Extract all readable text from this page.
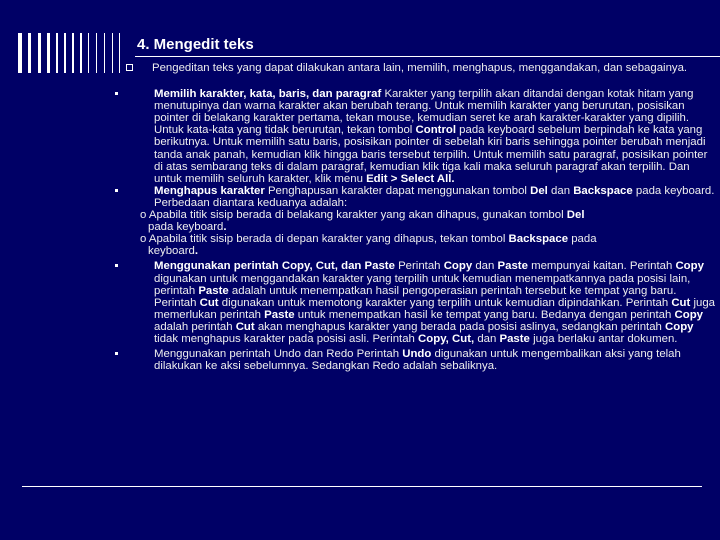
4. Mengedit teks

Pengeditan teks yang dapat dilakukan antara lain, memilih, menghapus, menggandakan, dan sebagainya.

Memilih karakter, kata, baris, dan paragraf Karakter yang terpilih akan ditandai dengan kotak hitam yang menutupinya dan warna karakter akan berubah terang. Untuk memilih karakter yang berurutan, posisikan pointer di belakang karakter pertama, tekan mouse, kemudian seret ke arah karakter-karakter yang dipilih. Untuk kata-kata yang tidak berurutan, tekan tombol Control pada keyboard sebelum berpindah ke kata yang berikutnya. Untuk memilih satu baris, posisikan pointer di sebelah kiri baris sehingga pointer berubah menjadi tanda anak panah, kemudian klik hingga baris tersebut terpilih. Untuk memilih satu paragraf, posisikan pointer di atas sembarang teks di dalam paragraf, kemudian klik tiga kali maka seluruh paragraf akan terpilih. Dan untuk memilih seluruh karakter, klik menu Edit > Select All.

Menghapus karakter Penghapusan karakter dapat menggunakan tombol Del dan Backspace pada keyboard. Perbedaan diantara keduanya adalah:

o Apabila titik sisip berada di belakang karakter yang akan dihapus, gunakan tombol Del
pada keyboard.

o Apabila titik sisip berada di depan karakter yang dihapus, tekan tombol Backspace pada
keyboard.

Menggunakan perintah Copy, Cut, dan Paste Perintah Copy dan Paste mempunyai kaitan. Perintah Copy digunakan untuk menggandakan karakter yang terpilih untuk kemudian menempatkannya pada posisi lain, perintah Paste adalah untuk menempatkan hasil pengoperasian perintah tersebut ke tempat yang baru. Perintah Cut digunakan untuk memotong karakter yang terpilih untuk kemudian dipindahkan. Perintah Cut juga memerlukan perintah Paste untuk menempatkan hasil ke tempat yang baru. Bedanya dengan perintah Copy adalah perintah Cut akan menghapus karakter yang berada pada posisi aslinya, sedangkan perintah Copy tidak menghapus karakter pada posisi asli. Perintah Copy, Cut, dan Paste juga berlaku antar dokumen.

Menggunakan perintah Undo dan Redo Perintah Undo digunakan untuk mengembalikan aksi yang telah dilakukan ke aksi sebelumnya. Sedangkan Redo adalah sebaliknya.
